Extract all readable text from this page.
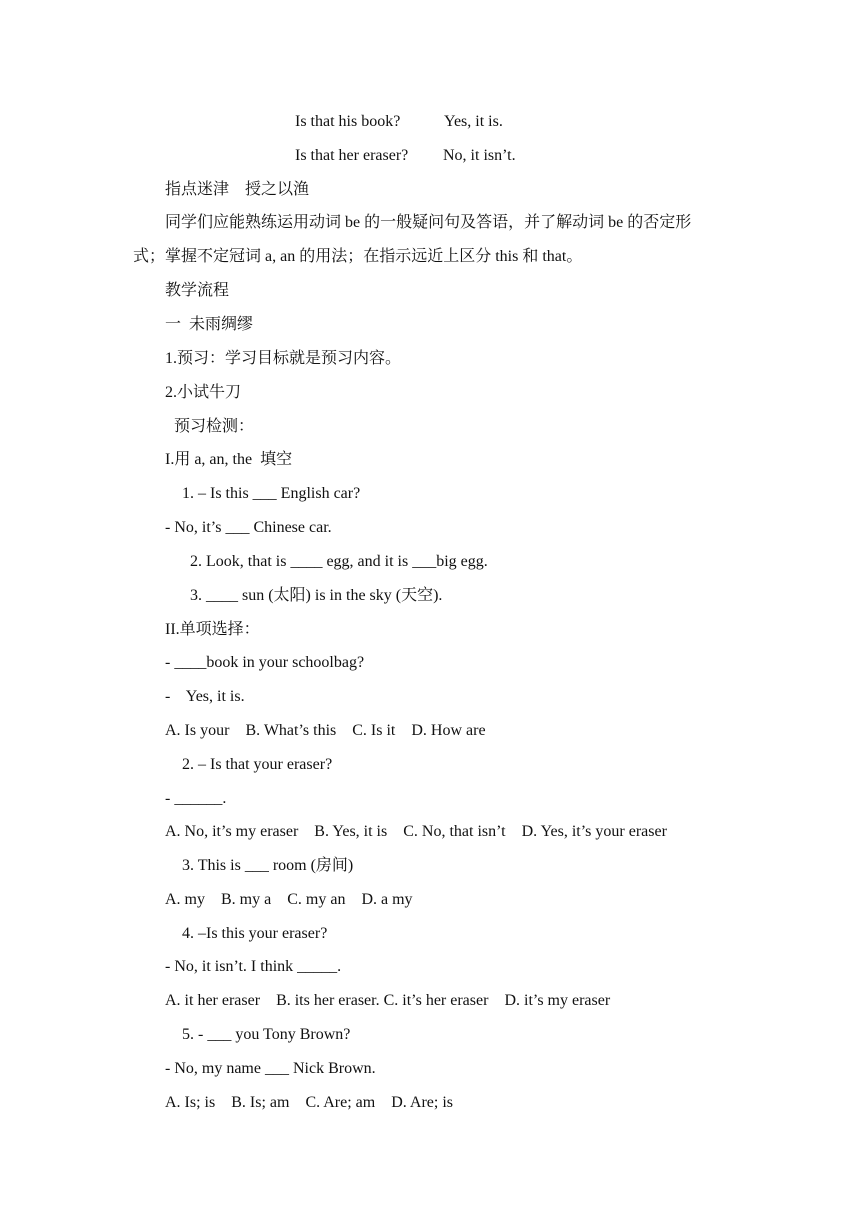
Is that his book?	Yes, it is.
Is that her eraser? No, it isn’t.
指点迷津    授之以渔
同学们应能熟练运用动词 be 的一般疑问句及答语，并了解动词 be 的否定形
式；掌握不定冠词 a, an 的用法；在指示远近上区分 this 和 that。
教学流程
一  未雨绸缪
1.预习：学习目标就是预习内容。
2.小试牛刀
预习检测：
I.用 a, an, the  填空
1. – Is this ___ English car?
- No, it’s ___ Chinese car.
2. Look, that is ____ egg, and it is ___big egg.
3. ____ sun (太阳) is in the sky (天空).
II.单项选择：
- ____book in your schoolbag?
-    Yes, it is.
A. Is your    B. What’s this    C. Is it    D. How are
2. – Is that your eraser?
- ______.
A. No, it’s my eraser    B. Yes, it is    C. No, that isn’t    D. Yes, it’s your eraser
3. This is ___ room (房间)
A. my    B. my a    C. my an    D. a my
4. –Is this your eraser?
- No, it isn’t. I think _____.
A. it her eraser    B. its her eraser. C. it’s her eraser    D. it’s my eraser
5. - ___ you Tony Brown?
- No, my name ___ Nick Brown.
A. Is; is    B. Is; am    C. Are; am    D. Are; is
